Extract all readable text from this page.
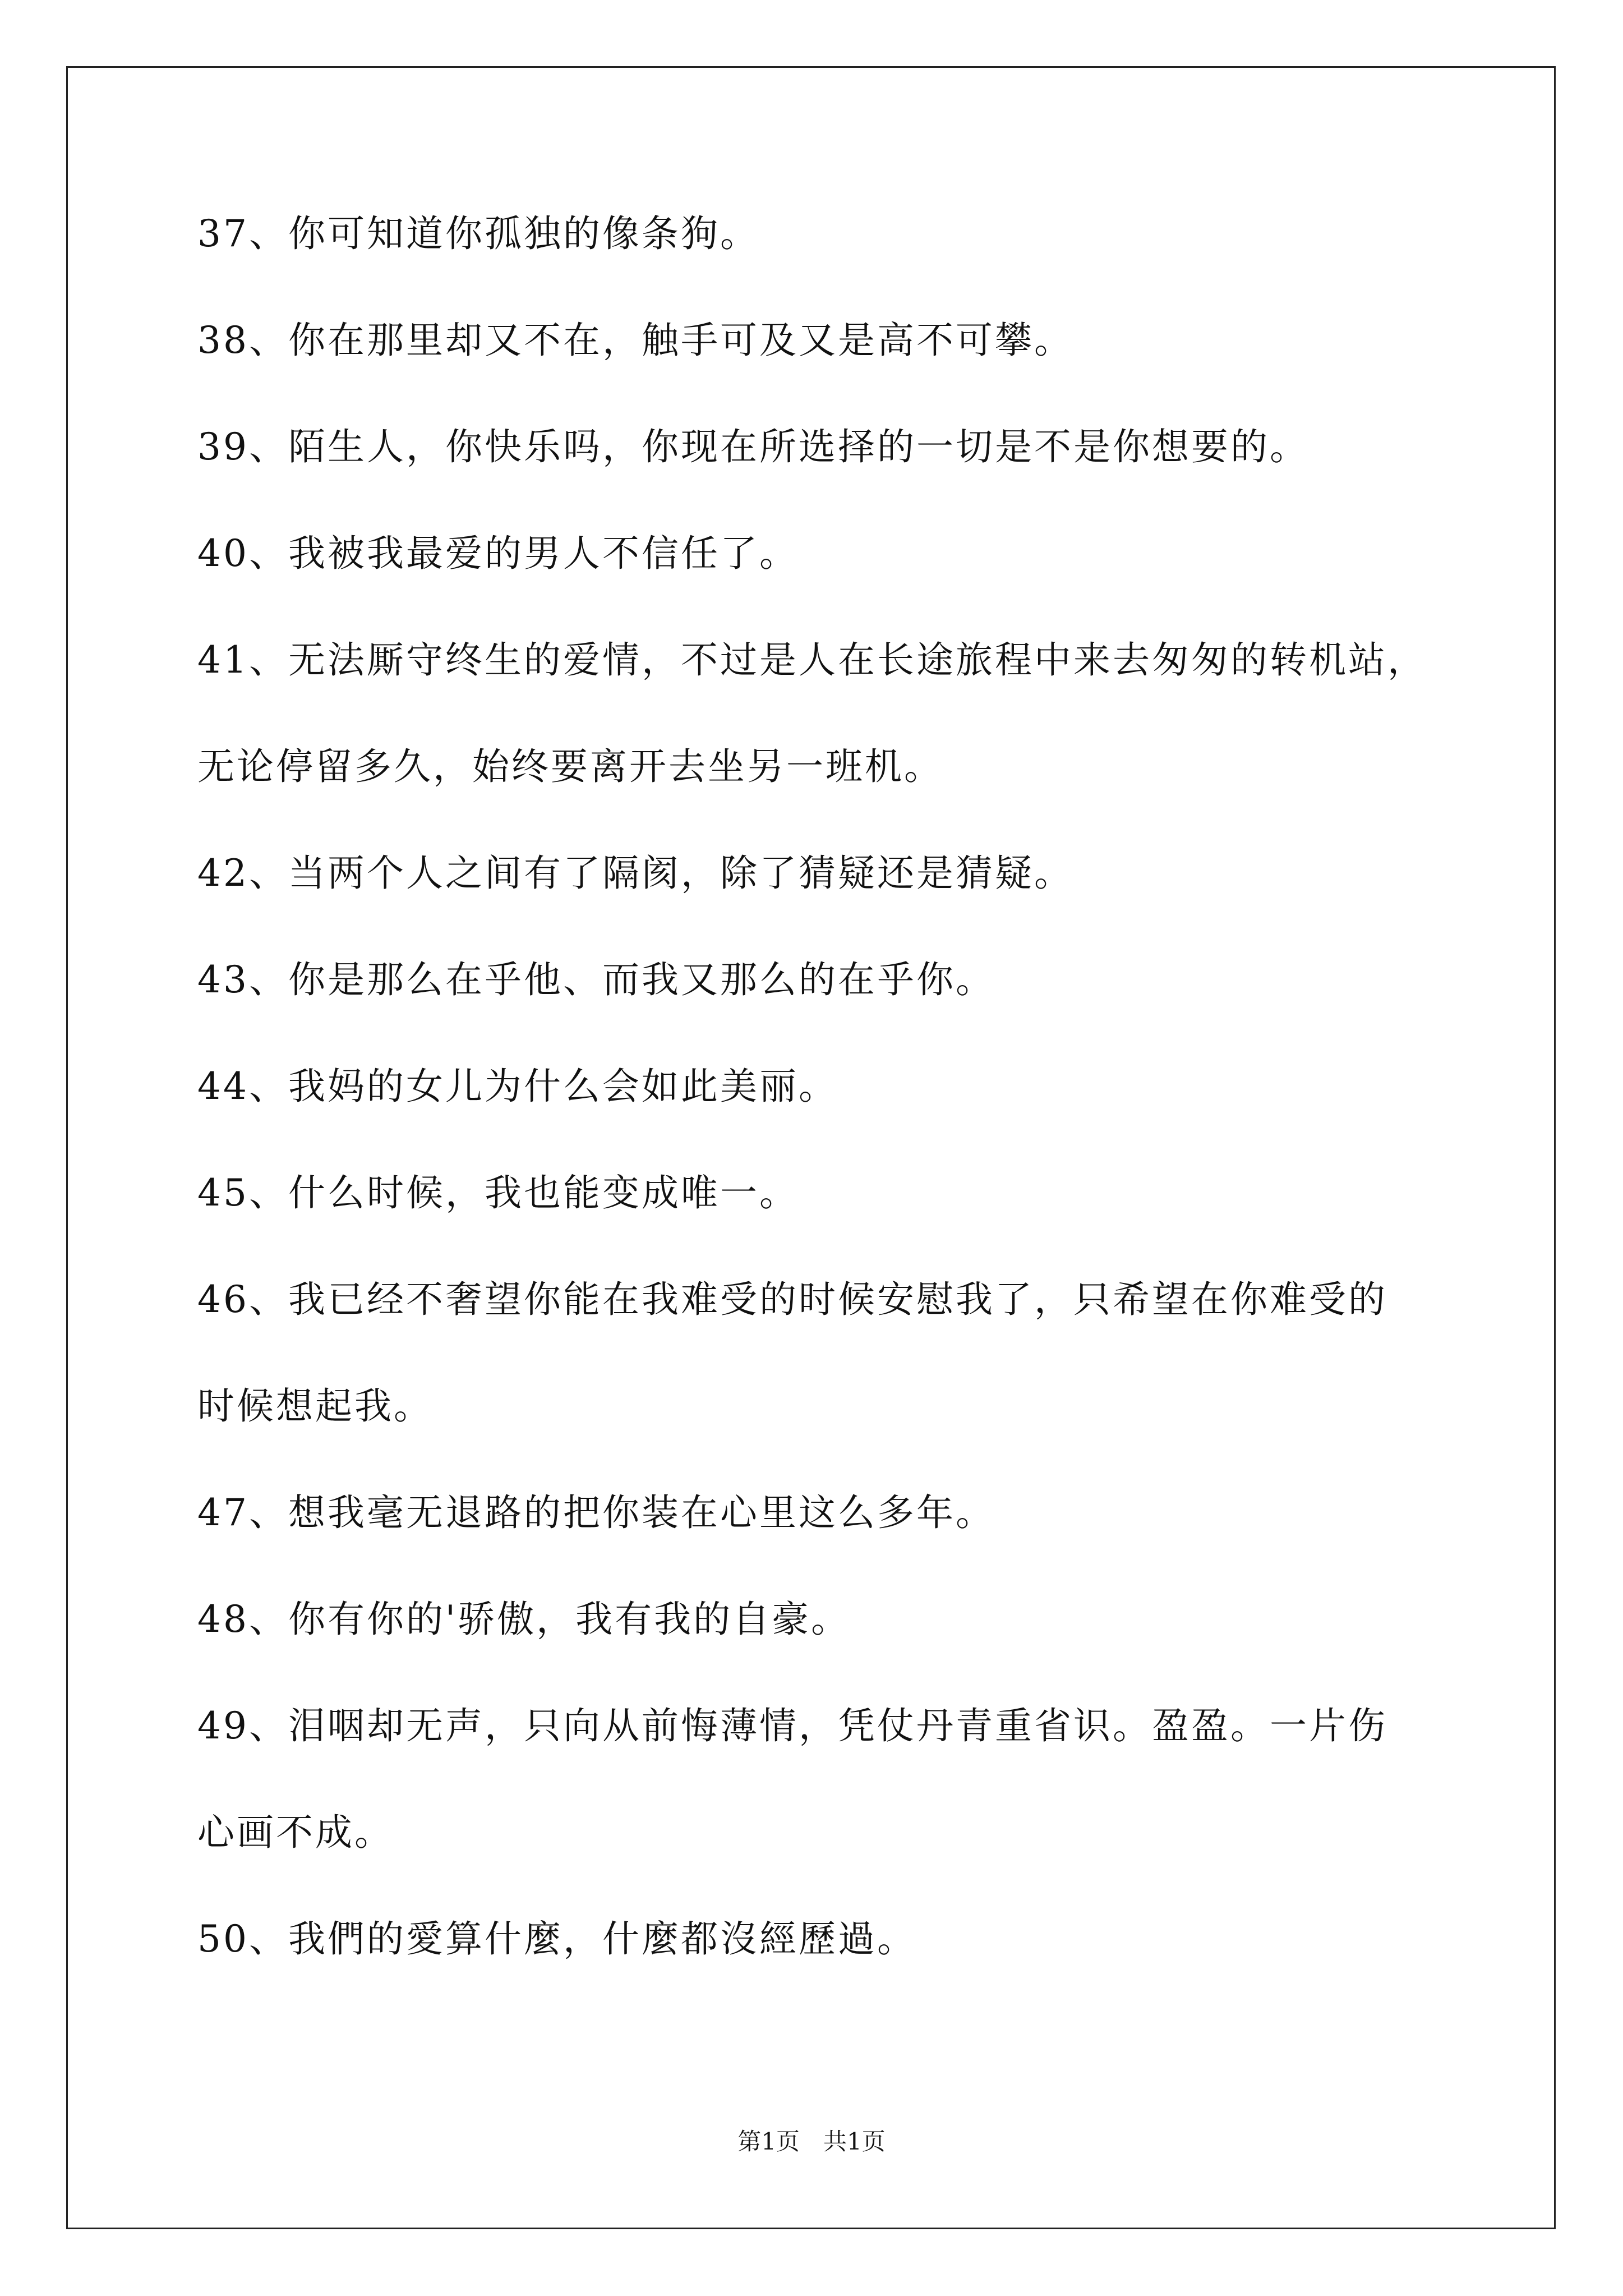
37、你可知道你孤独的像条狗。
38、你在那里却又不在，触手可及又是高不可攀。
39、陌生人，你快乐吗，你现在所选择的一切是不是你想要的。
40、我被我最爱的男人不信任了。
41、无法厮守终生的爱情，不过是人在长途旅程中来去匆匆的转机站，
无论停留多久，始终要离开去坐另一班机。
42、当两个人之间有了隔阂，除了猜疑还是猜疑。
43、你是那么在乎他、而我又那么的在乎你。
44、我妈的女儿为什么会如此美丽。
45、什么时候，我也能变成唯一。
46、我已经不奢望你能在我难受的时候安慰我了，只希望在你难受的
时候想起我。
47、想我毫无退路的把你装在心里这么多年。
48、你有你的'骄傲，我有我的自豪。
49、泪咽却无声，只向从前悔薄情，凭仗丹青重省识。盈盈。一片伤
心画不成。
50、我們的愛算什麼，什麼都沒經歷過。
第1页　共1页
